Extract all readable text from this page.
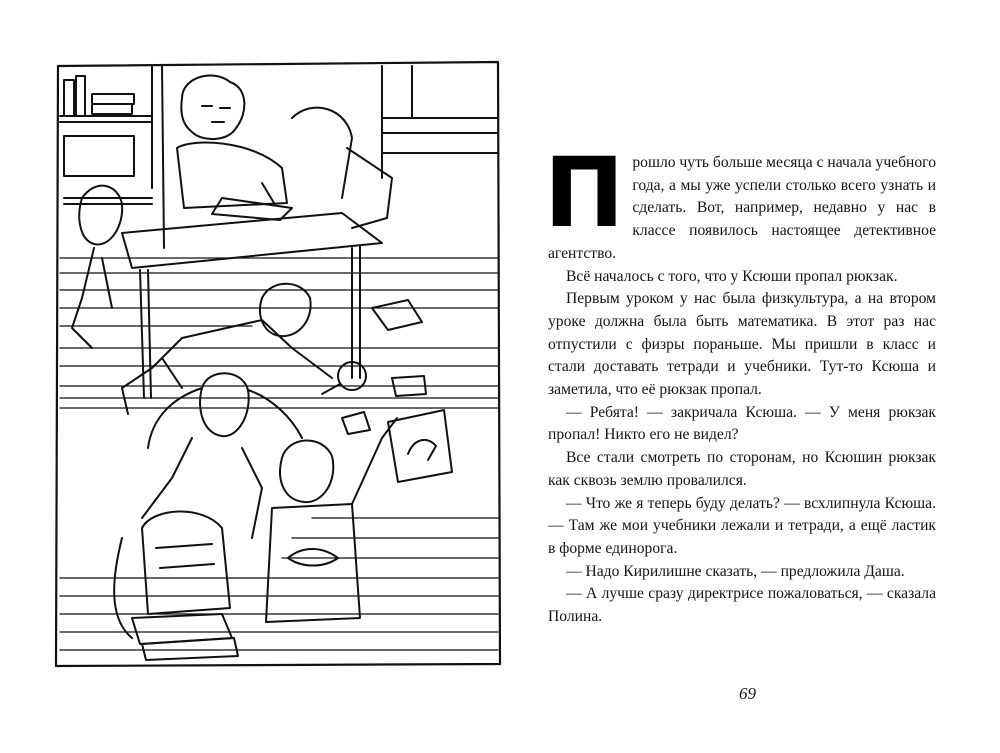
Прошло чуть больше месяца с начала учебного года, а мы уже успели столько всего узнать и сделать. Вот, например, недавно у нас в классе появилось настоящее детективное агентство.

Всё началось с того, что у Ксюши пропал рюкзак.

Первым уроком у нас была физкультура, а на втором уроке должна была быть математика. В этот раз нас отпустили с физры пораньше. Мы пришли в класс и стали доставать тетради и учебники. Тут-то Ксюша и заметила, что её рюкзак пропал.

— Ребята! — закричала Ксюша. — У меня рюкзак пропал! Никто его не видел?

Все стали смотреть по сторонам, но Ксюшин рюкзак как сквозь землю провалился.

— Что же я теперь буду делать? — всхлипнула Ксюша. — Там же мои учебники лежали и тетради, а ещё ластик в форме единорога.

— Надо Кирилишне сказать, — предложила Даша.

— А лучше сразу директрисе пожаловаться, — сказала Полина.

69
